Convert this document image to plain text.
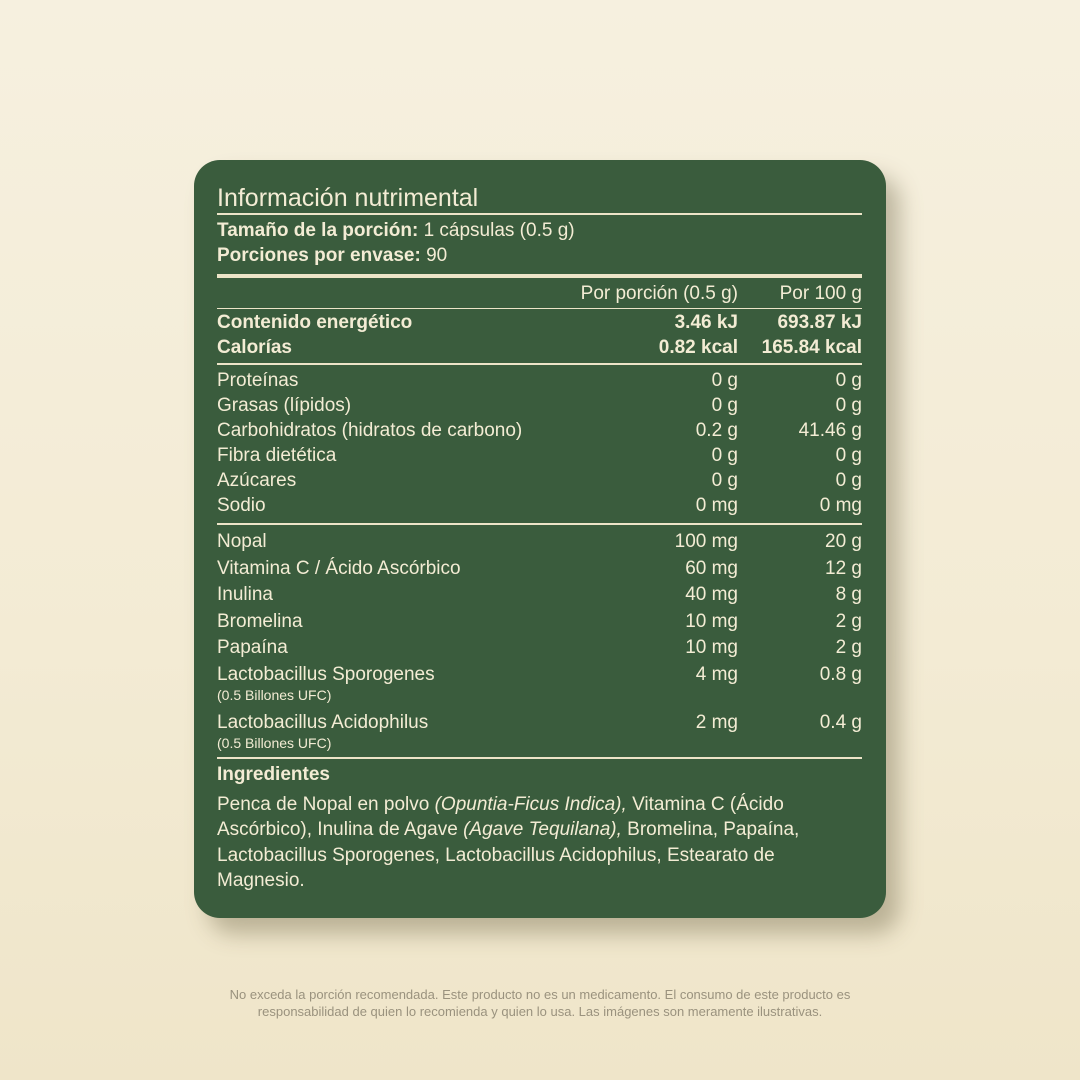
Información nutrimental
Tamaño de la porción: 1 cápsulas (0.5 g)
Porciones por envase: 90
Por porción (0.5 g) Por 100 g
Contenido energético	3.46 kJ 693.87 kJ
Calorías	0.82 kcal 165.84 kcal
Proteínas	0 g	0 g
Grasas (lípidos)	0 g	0 g
Carbohidratos (hidratos de carbono)	0.2 g	41.46 g
Fibra dietética	0 g	0 g
Azúcares	0 g	0 g
Sodio	0 mg	0 mg
Nopal	100 mg	20 g
Vitamina C / Ácido Ascórbico	60 mg	12 g
Inulina	40 mg	8 g
Bromelina	10 mg	2 g
Papaína	10 mg	2 g
Lactobacillus Sporogenes	4 mg	0.8 g
(0.5 Billones UFC)
Lactobacillus Acidophilus	2 mg	0.4 g
(0.5 Billones UFC)
Ingredientes
Penca de Nopal en polvo (Opuntia-Ficus Indica), Vitamina C (Ácido Ascórbico), Inulina de Agave (Agave Tequilana), Bromelina, Papaína, Lactobacillus Sporogenes, Lactobacillus Acidophilus, Estearato de Magnesio.
No exceda la porción recomendada. Este producto no es un medicamento. El consumo de este producto es
responsabilidad de quien lo recomienda y quien lo usa. Las imágenes son meramente ilustrativas.
